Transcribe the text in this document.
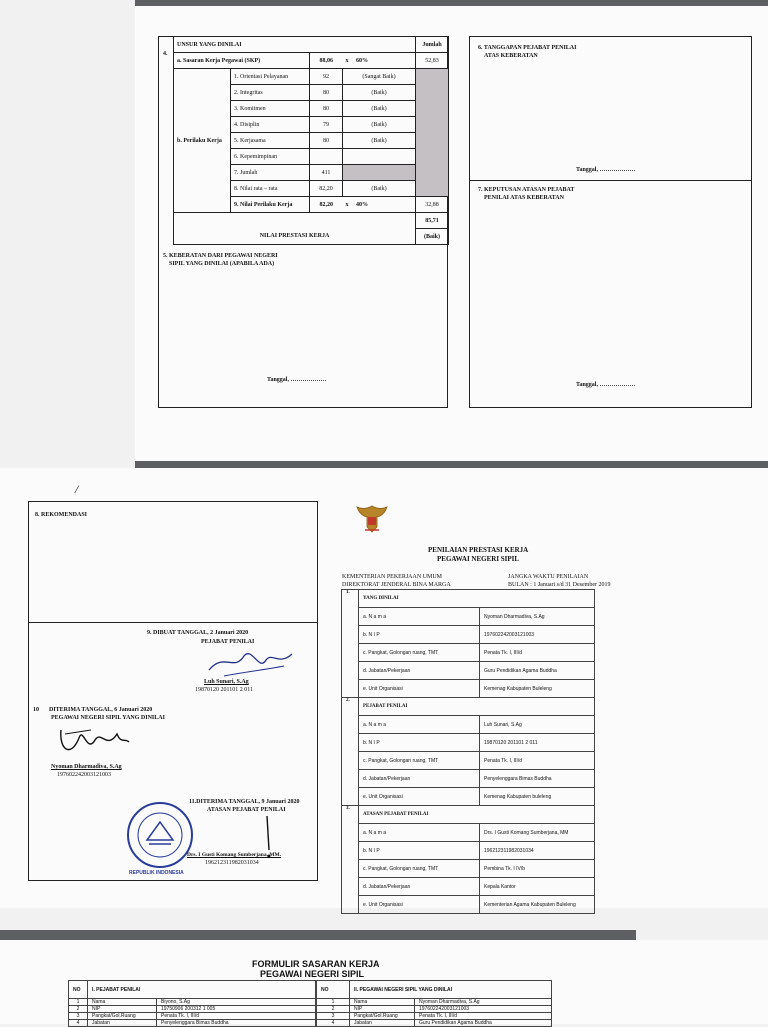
4.
UNSUR YANG DINILAI				Jumlah
a. Sasaran Kerja Pegawai (SKP)		88,06	x 60%	52,83
b. Perilaku Kerja	1. Orientasi Pelayanan	92	(Sangat Baik)	
	2. Integritas	80	(Baik)	
	3. Komitmen	80	(Baik)	
	4. Disiplin	79	(Baik)	
	5. Kerjasama	80	(Baik)	
	6. Kepemimpinan			
	7. Jumlah	411		
	8. Nilai rata – rata	82,20	(Baik)	
	9. Nilai Perilaku Kerja	82,20	x 40%	32,88
				85,71
NILAI PRESTASI KERJA				(Baik)
5. KEBERATAN DARI PEGAWAI NEGERI
SIPIL YANG DINILAI (APABILA ADA)
Tanggal, ………………
6. TANGGAPAN PEJABAT PENILAI
ATAS KEBERATAN
Tanggal, ………………
7. KEPUTUSAN ATASAN PEJABAT
PENILAI ATAS KEBERATAN
Tanggal, ………………
/
8. REKOMENDASI
9. DIBUAT TANGGAL, 2 Januari 2020
PEJABAT PENILAI
Luh Sunari, S.Ag
19870120 201101 2 011
10 DITERIMA TANGGAL, 6 Januari 2020
PEGAWAI NEGERI SIPIL YANG DINILAI
Nyoman Dharmadiva, S.Ag
197602242003121003
REPUBLIK INDONESIA
11.DITERIMA TANGGAL, 9 Januari 2020
ATASAN PEJABAT PENILAI
Drs. I Gusti Komang Sumberjana, MM.
196212311982031034
PENILAIAN PRESTASI KERJA
PEGAWAI NEGERI SIPIL
KEMENTERIAN PEKERJAAN UMUM
DIREKTORAT JENDERAL BINA MARGA
JANGKA WAKTU PENILAIAN
BULAN : 1 Januari s/d 31 Desember 2019
1.	YANG DINILAI	
	a. N a m a	Nyoman Dharmadiva, S.Ag
	b. N I P	197602242003121003
	c. Pangkat, Golongan ruang, TMT	Penata Tk. I, III/d
	d. Jabatan/Pekerjaan	Guru Pendidikan Agama Buddha
	e. Unit Organisasi	Kemenag Kabupaten Buleleng
2.	PEJABAT PENILAI	
	a. N a m a	Luh Sunari, S.Ag
	b. N I P	19870120 201101 2 011
	c. Pangkat, Golongan ruang, TMT	Penata Tk. I, III/d
	d. Jabatan/Pekerjaan	Penyelenggara Bimas Buddha
	e. Unit Organisasi	Kemenag Kabupaten buleleng
3.	ATASAN PEJABAT PENILAI	
	a. N a m a	Drs. I Gusti Komang Sumberjana, MM
	b. N I P	196212311982031034
	c. Pangkat, Golongan ruang, TMT	Pembina Tk. I IV/b
	d. Jabatan/Pekerjaan	Kepala Kantor
	e. Unit Organisasi	Kementerian Agama Kabupaten Buleleng
FORMULIR SASARAN KERJA
PEGAWAI NEGERI SIPIL
NO	I. PEJABAT PENILAI	
1	Nama	Biyono, S.Ag
2	NIP	19750906 200312 1 005
3	Pangkat/Gol.Ruang	Penata Tk. I, III/d
4	Jabatan	Penyelenggara Bimas Buddha
NO	II. PEGAWAI NEGERI SIPIL YANG DINILAI	
1	Nama	Nyoman Dharmadiva, S.Ag
2	NIP	197602242003121003
3	Pangkat/Gol.Ruang	Penata Tk. I, III/d
4	Jabatan	Guru Pendidikan Agama Buddha
